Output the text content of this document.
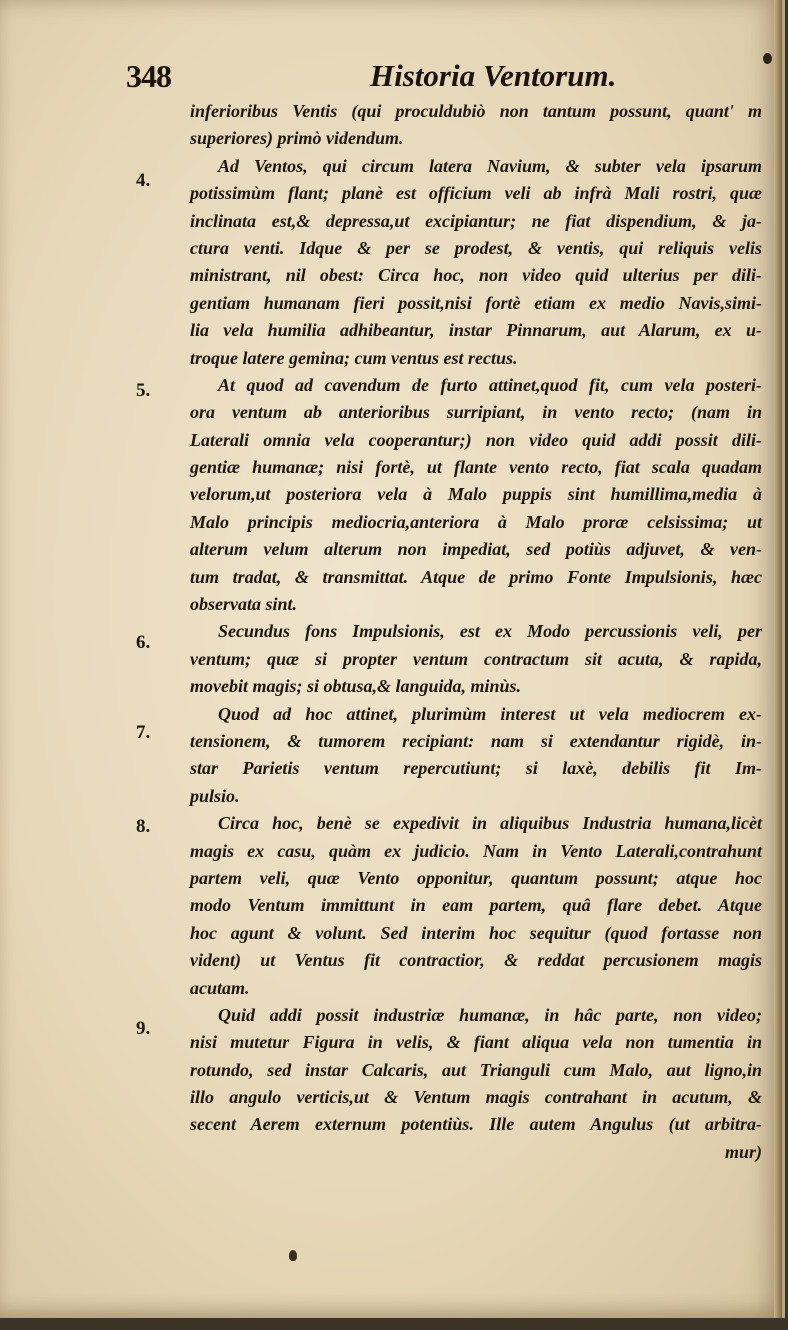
348	Historia Ventorum.
4.
5.
6.
7.
8.
9.
inferioribus Ventis (qui proculdubiò non tantum possunt, quant' m
superiores) primò videndum.
Ad Ventos, qui circum latera Navium, & subter vela ipsarum
potissimùm flant; planè est officium veli ab infrà Mali rostri, quæ
inclinata est,& depressa,ut excipiantur; ne fiat dispendium, & ja-
ctura venti. Idque & per se prodest, & ventis, qui reliquis velis
ministrant, nil obest: Circa hoc, non video quid ulterius per dili-
gentiam humanam fieri possit,nisi fortè etiam ex medio Navis,simi-
lia vela humilia adhibeantur, instar Pinnarum, aut Alarum, ex u-
troque latere gemina; cum ventus est rectus.
At quod ad cavendum de furto attinet,quod fit, cum vela posteri-
ora ventum ab anterioribus surripiant, in vento recto; (nam in
Laterali omnia vela cooperantur;) non video quid addi possit dili-
gentiæ humanæ; nisi fortè, ut flante vento recto, fiat scala quadam
velorum,ut posteriora vela à Malo puppis sint humillima,media à
Malo principis mediocria,anteriora à Malo proræ celsissima; ut
alterum velum alterum non impediat, sed potiùs adjuvet, & ven-
tum tradat, & transmittat. Atque de primo Fonte Impulsionis, hæc
observata sint.
Secundus fons Impulsionis, est ex Modo percussionis veli, per
ventum; quæ si propter ventum contractum sit acuta, & rapida,
movebit magis; si obtusa,& languida, minùs.
Quod ad hoc attinet, plurimùm interest ut vela mediocrem ex-
tensionem, & tumorem recipiant: nam si extendantur rigidè, in-
star Parietis ventum repercutiunt; si laxè, debilis fit Im-
pulsio.
Circa hoc, benè se expedivit in aliquibus Industria humana,licèt
magis ex casu, quàm ex judicio. Nam in Vento Laterali,contrahunt
partem veli, quæ Vento opponitur, quantum possunt; atque hoc
modo Ventum immittunt in eam partem, quâ flare debet. Atque
hoc agunt & volunt. Sed interim hoc sequitur (quod fortasse non
vident) ut Ventus fit contractior, & reddat percusionem magis
acutam.
Quid addi possit industriæ humanæ, in hâc parte, non video;
nisi mutetur Figura in velis, & fiant aliqua vela non tumentia in
rotundo, sed instar Calcaris, aut Trianguli cum Malo, aut ligno,in
illo angulo verticis,ut & Ventum magis contrahant in acutum, &
secent Aerem externum potentiùs. Ille autem Angulus (ut arbitra-
mur)
